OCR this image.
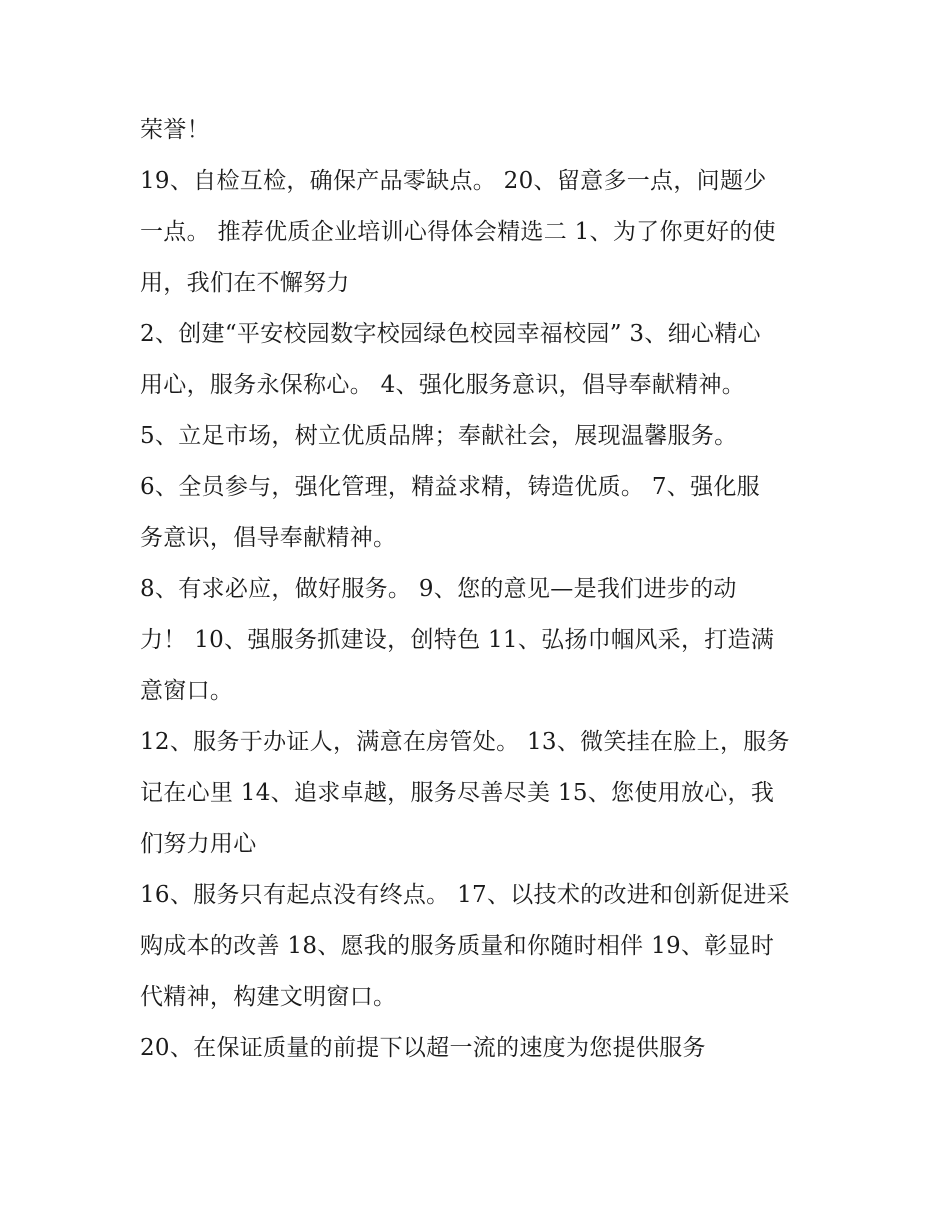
荣誉！
19、自检互检，确保产品零缺点。 20、留意多一点，问题少
一点。 推荐优质企业培训心得体会精选二 1、为了你更好的使
用，我们在不懈努力
2、创建“平安校园数字校园绿色校园幸福校园” 3、细心精心
用心，服务永保称心。 4、强化服务意识，倡导奉献精神。
5、立足市场，树立优质品牌；奉献社会，展现温馨服务。
6、全员参与，强化管理，精益求精，铸造优质。 7、强化服
务意识，倡导奉献精神。
8、有求必应，做好服务。 9、您的意见—是我们进步的动
力！ 10、强服务抓建设，创特色 11、弘扬巾帼风采，打造满
意窗口。
12、服务于办证人，满意在房管处。 13、微笑挂在脸上，服务
记在心里 14、追求卓越，服务尽善尽美 15、您使用放心，我
们努力用心
16、服务只有起点没有终点。 17、以技术的改进和创新促进采
购成本的改善 18、愿我的服务质量和你随时相伴 19、彰显时
代精神，构建文明窗口。
20、在保证质量的前提下以超一流的速度为您提供服务
